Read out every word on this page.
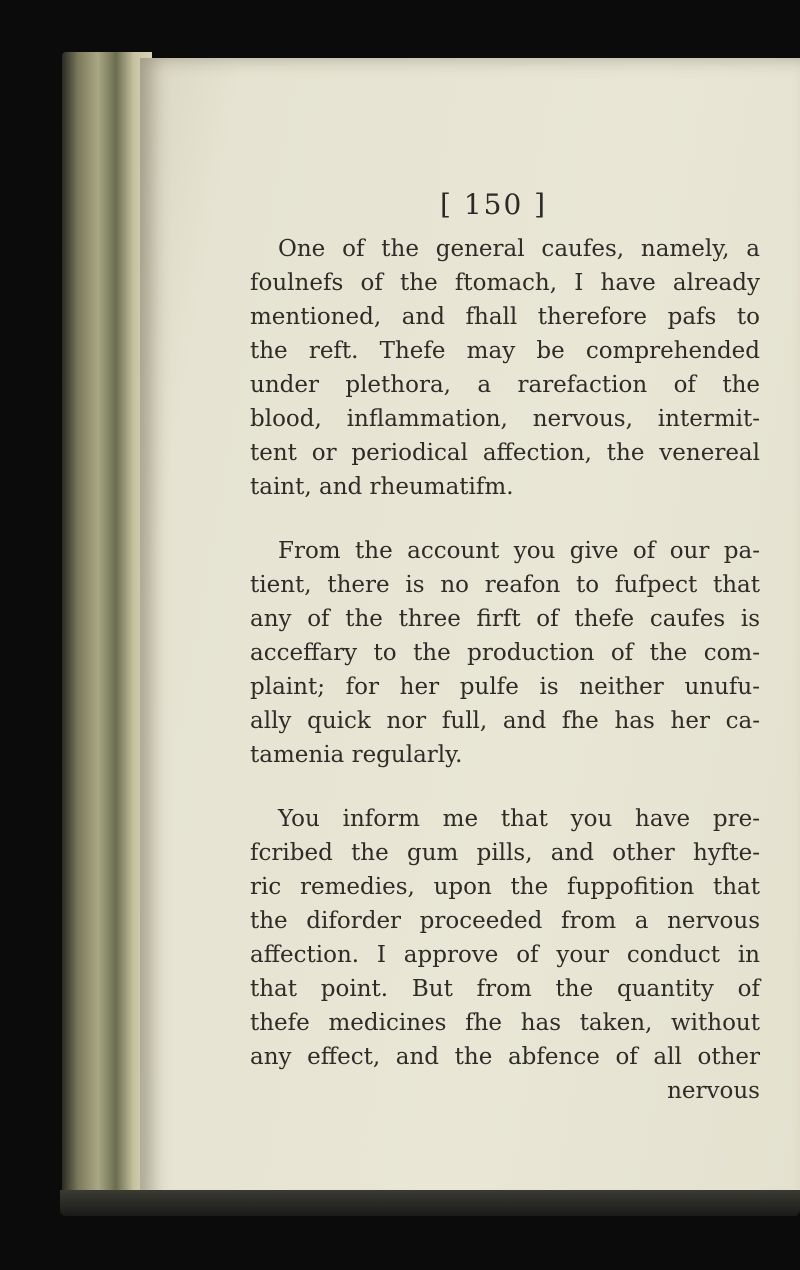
[ 150 ]
One of the general caufes, namely, a
foulnefs of the ftomach, I have already
mentioned, and fhall therefore pafs to
the reft. Thefe may be comprehended
under plethora, a rarefaction of the
blood, inflammation, nervous, intermit-
tent or periodical affection, the venereal
taint, and rheumatifm.
From the account you give of our pa-
tient, there is no reafon to fufpect that
any of the three firft of thefe caufes is
acceffary to the production of the com-
plaint; for her pulfe is neither unufu-
ally quick nor full, and fhe has her ca-
tamenia regularly.
You inform me that you have pre-
fcribed the gum pills, and other hyfte-
ric remedies, upon the fuppofition that
the diforder proceeded from a nervous
affection. I approve of your conduct in
that point. But from the quantity of
thefe medicines fhe has taken, without
any effect, and the abfence of all other
nervous
